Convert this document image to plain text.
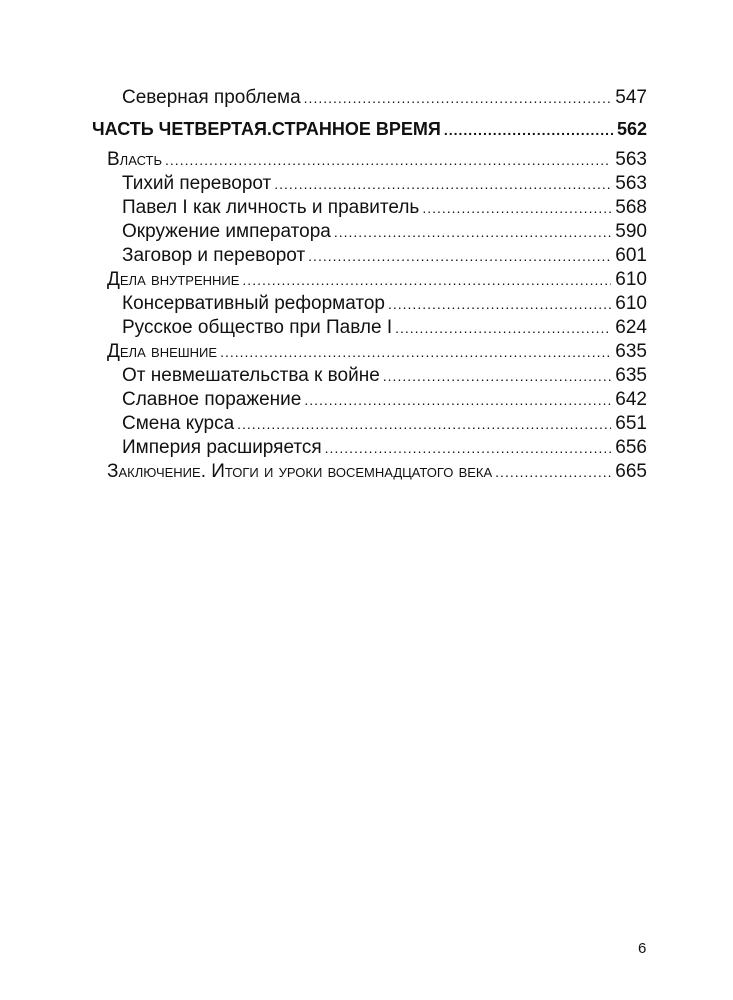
Северная проблема .....	547
ЧАСТЬ ЧЕТВЕРТАЯ.СТРАННОЕ ВРЕМЯ .....	562
Власть .....	563
Тихий переворот .....	563
Павел I как личность и правитель .....	568
Окружение императора .....	590
Заговор и переворот .....	601
Дела внутренние .....	610
Консервативный реформатор .....	610
Русское общество при Павле I .....	624
Дела внешние .....	635
От невмешательства к войне .....	635
Славное поражение .....	642
Смена курса .....	651
Империя расширяется .....	656
Заключение. Итоги и уроки восемнадцатого века .....	665
6
